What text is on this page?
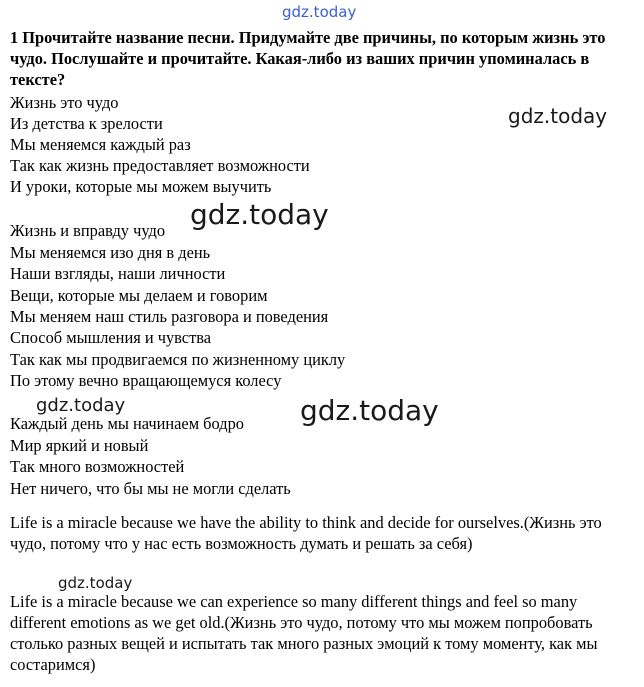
gdz.today

1 Прочитайте название песни. Придумайте две причины, по которым жизнь это чудо. Послушайте и прочитайте. Какая-либо из ваших причин упоминалась в тексте?

Жизнь это чудо

Из детства к зрелости

Мы меняемся каждый раз

Так как жизнь предоставляет возможности

И уроки, которые мы можем выучить

Жизнь и вправду чудо

Мы меняемся изо дня в день

Наши взгляды, наши личности

Вещи, которые мы делаем и говорим

Мы меняем наш стиль разговора и поведения

Способ мышления и чувства

Так как мы продвигаемся по жизненному циклу

По этому вечно вращающемуся колесу

Каждый день мы начинаем бодро

Мир яркий и новый

Так много возможностей

Нет ничего, что бы мы не могли сделать

Life is a miracle because we have the ability to think and decide for ourselves.(Жизнь это чудо, потому что у нас есть возможность думать и решать за себя)

Life is a miracle because we can experience so many different things and feel so many different emotions as we get old.(Жизнь это чудо, потому что мы можем попробовать столько разных вещей и испытать так много разных эмоций к тому моменту, как мы состаримся)

gdz.today
gdz.today
gdz.today
gdz.today
gdz.today
